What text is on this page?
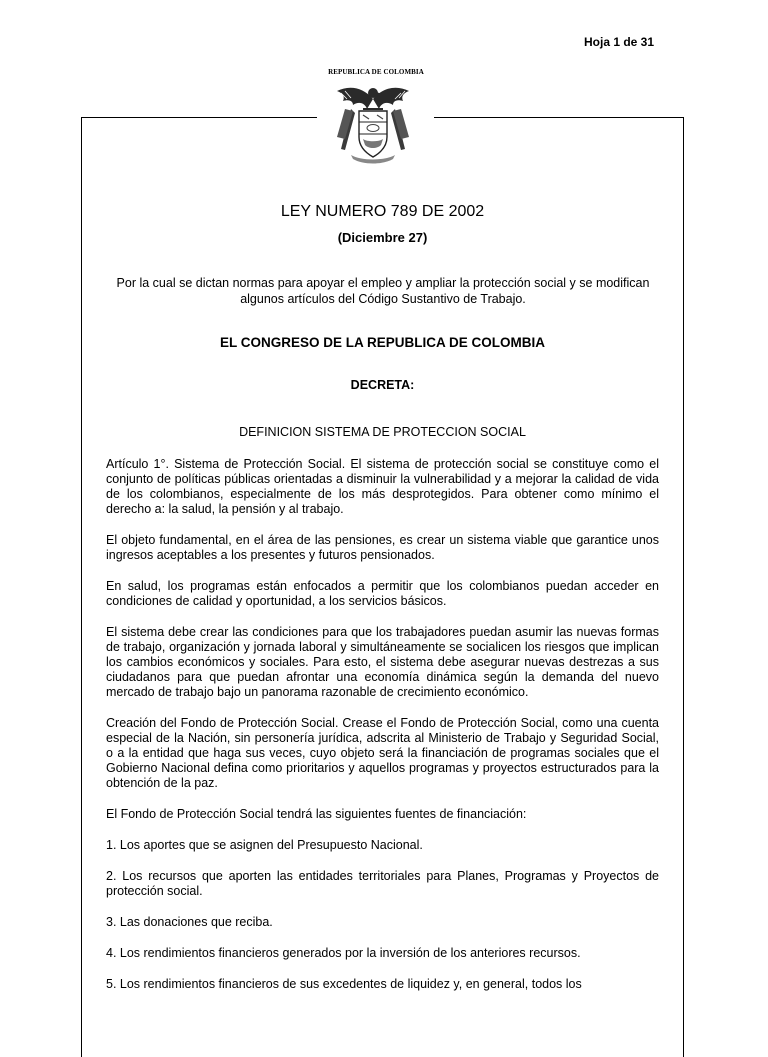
Hoja 1 de 31
REPUBLICA DE COLOMBIA
LEY NUMERO 789 DE 2002
(Diciembre 27)
Por la cual se dictan normas para apoyar el empleo y ampliar la protección social y se modifican algunos artículos del Código Sustantivo de Trabajo.
EL CONGRESO DE LA REPUBLICA DE COLOMBIA
DECRETA:
DEFINICION SISTEMA DE PROTECCION SOCIAL

Artículo 1°. Sistema de Protección Social. El sistema de protección social se constituye como el conjunto de políticas públicas orientadas a disminuir la vulnerabilidad y a mejorar la calidad de vida de los colombianos, especialmente de los más desprotegidos. Para obtener como mínimo el derecho a: la salud, la pensión y al trabajo.

El objeto fundamental, en el área de las pensiones, es crear un sistema viable que garantice unos ingresos aceptables a los presentes y futuros pensionados.

En salud, los programas están enfocados a permitir que los colombianos puedan acceder en condiciones de calidad y oportunidad, a los servicios básicos.

El sistema debe crear las condiciones para que los trabajadores puedan asumir las nuevas formas de trabajo, organización y jornada laboral y simultáneamente se socialicen los riesgos que implican los cambios económicos y sociales. Para esto, el sistema debe asegurar nuevas destrezas a sus ciudadanos para que puedan afrontar una economía dinámica según la demanda del nuevo mercado de trabajo bajo un panorama razonable de crecimiento económico.

Creación del Fondo de Protección Social. Crease el Fondo de Protección Social, como una cuenta especial de la Nación, sin personería jurídica, adscrita al Ministerio de Trabajo y Seguridad Social, o a la entidad que haga sus veces, cuyo objeto será la financiación de programas sociales que el Gobierno Nacional defina como prioritarios y aquellos programas y proyectos estructurados para la obtención de la paz.

El Fondo de Protección Social tendrá las siguientes fuentes de financiación:

1. Los aportes que se asignen del Presupuesto Nacional.

2. Los recursos que aporten las entidades territoriales para Planes, Programas y Proyectos de protección social.

3. Las donaciones que reciba.

4. Los rendimientos financieros generados por la inversión de los anteriores recursos.

5. Los rendimientos financieros de sus excedentes de liquidez y, en general, todos los
